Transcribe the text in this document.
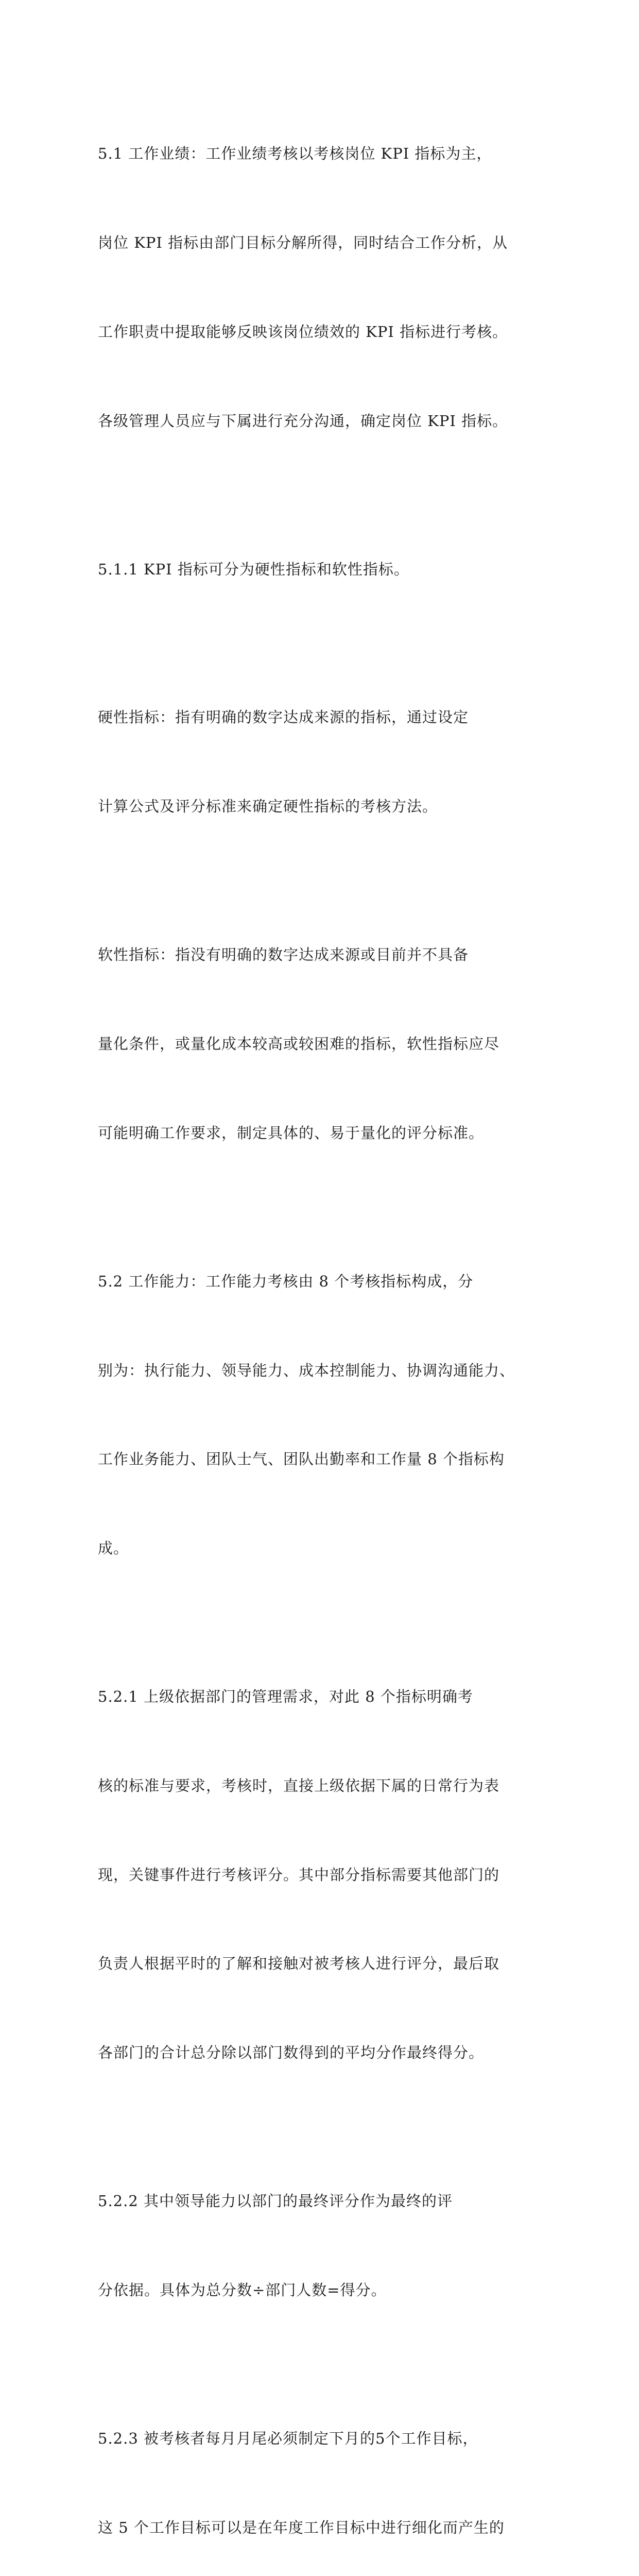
5.1 工作业绩：工作业绩考核以考核岗位 KPI 指标为主，

岗位 KPI 指标由部门目标分解所得，同时结合工作分析，从

工作职责中提取能够反映该岗位绩效的 KPI 指标进行考核。

各级管理人员应与下属进行充分沟通，确定岗位 KPI 指标。

5.1.1 KPI 指标可分为硬性指标和软性指标。

硬性指标：指有明确的数字达成来源的指标，通过设定

计算公式及评分标准来确定硬性指标的考核方法。

软性指标：指没有明确的数字达成来源或目前并不具备

量化条件，或量化成本较高或较困难的指标，软性指标应尽

可能明确工作要求，制定具体的、易于量化的评分标准。

5.2 工作能力：工作能力考核由 8 个考核指标构成，分

别为：执行能力、领导能力、成本控制能力、协调沟通能力、

工作业务能力、团队士气、团队出勤率和工作量 8 个指标构

成。

5.2.1 上级依据部门的管理需求，对此 8 个指标明确考

核的标准与要求，考核时，直接上级依据下属的日常行为表

现，关键事件进行考核评分。其中部分指标需要其他部门的

负责人根据平时的了解和接触对被考核人进行评分，最后取

各部门的合计总分除以部门数得到的平均分作最终得分。

5.2.2 其中领导能力以部门的最终评分作为最终的评

分依据。具体为总分数÷部门人数=得分。

5.2.3 被考核者每月月尾必须制定下月的5个工作目标，

这 5 个工作目标可以是在年度工作目标中进行细化而产生的
